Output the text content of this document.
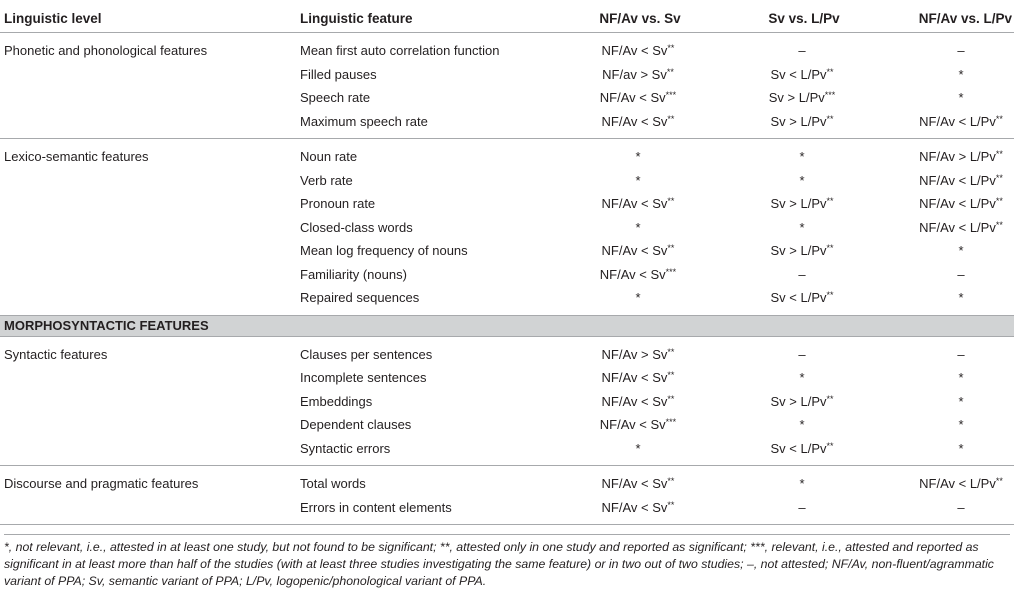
Linguistic level	Linguistic feature	NF/Av vs. Sv	Sv vs. L/Pv	NF/Av vs. L/Pv
Phonetic and phonological features	Mean first auto correlation function	NF/Av < Sv**	–	–
	Filled pauses	NF/av > Sv**	Sv < L/Pv**	*
	Speech rate	NF/Av < Sv***	Sv > L/Pv***	*
	Maximum speech rate	NF/Av < Sv**	Sv > L/Pv**	NF/Av < L/Pv**
Lexico-semantic features	Noun rate	*	*	NF/Av > L/Pv**
	Verb rate	*	*	NF/Av < L/Pv**
	Pronoun rate	NF/Av < Sv**	Sv > L/Pv**	NF/Av < L/Pv**
	Closed-class words	*	*	NF/Av < L/Pv**
	Mean log frequency of nouns	NF/Av < Sv**	Sv > L/Pv**	*
	Familiarity (nouns)	NF/Av < Sv***	–	–
	Repaired sequences	*	Sv < L/Pv**	*
MORPHOSYNTACTIC FEATURES				
Syntactic features	Clauses per sentences	NF/Av > Sv**	–	–
	Incomplete sentences	NF/Av < Sv**	*	*
	Embeddings	NF/Av < Sv**	Sv > L/Pv**	*
	Dependent clauses	NF/Av < Sv***	*	*
	Syntactic errors	*	Sv < L/Pv**	*
Discourse and pragmatic features	Total words	NF/Av < Sv**	*	NF/Av < L/Pv**
	Errors in content elements	NF/Av < Sv**	–	–
*, not relevant, i.e., attested in at least one study, but not found to be significant; **, attested only in one study and reported as significant; ***, relevant, i.e., attested and reported as significant in at least more than half of the studies (with at least three studies investigating the same feature) or in two out of two studies; –, not attested; NF/Av, non-fluent/agrammatic variant of PPA; Sv, semantic variant of PPA; L/Pv, logopenic/phonological variant of PPA.
